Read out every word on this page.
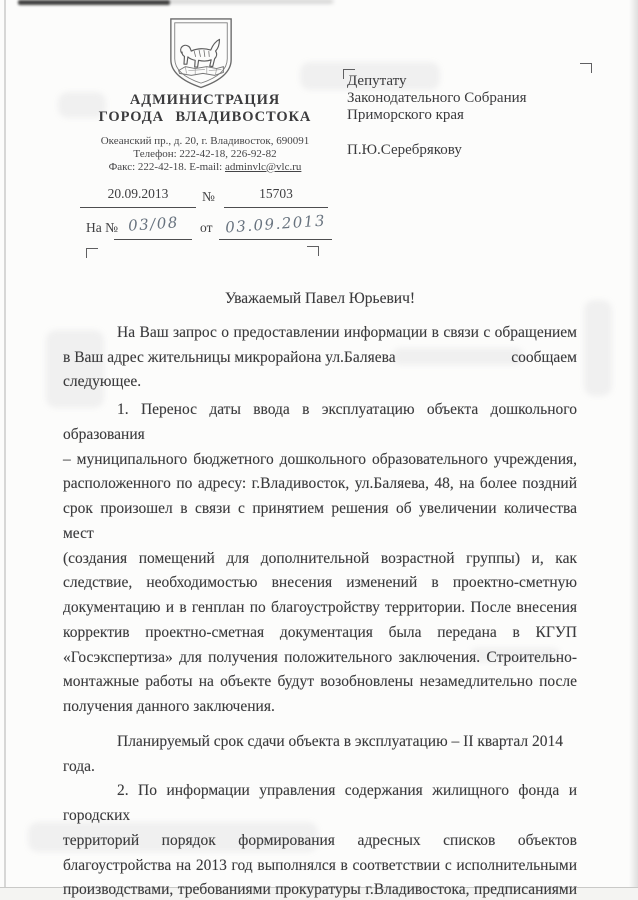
АДМИНИСТРАЦИЯ
ГОРОДА ВЛАДИВОСТОКА
Океанский пр., д. 20, г. Владивосток, 690091
Телефон: 222-42-18, 226-92-82
Факс: 222-42-18. E-mail: adminvlc@vlc.ru
20.09.2013	№	15703
На № 03/08	от 03.09.2013
Депутату
Законодательного Собрания
Приморского края
П.Ю.Серебрякову
Уважаемый Павел Юрьевич!
На Ваш запрос о предоставлении информации в связи с обращением
в Ваш адрес жительницы микрорайона ул.Баляева	сообщаем
следующее.
1. Перенос даты ввода в эксплуатацию объекта дошкольного образования
– муниципального бюджетного дошкольного образовательного учреждения,
расположенного по адресу: г.Владивосток, ул.Баляева, 48, на более поздний
срок произошел в связи с принятием решения об увеличении количества мест
(создания помещений для дополнительной возрастной группы) и, как
следствие, необходимостью внесения изменений в проектно-сметную
документацию и в генплан по благоустройству территории. После внесения
корректив проектно-сметная документация была передана в КГУП
«Госэкспертиза» для получения положительного заключения. Строительно-
монтажные работы на объекте будут возобновлены незамедлительно после
получения данного заключения.
Планируемый срок сдачи объекта в эксплуатацию – II квартал 2014 года.
2. По информации управления содержания жилищного фонда и городских
территорий порядок формирования адресных списков объектов
благоустройства на 2013 год выполнялся в соответствии с исполнительными
производствами, требованиями прокуратуры г.Владивостока, предписаниями
